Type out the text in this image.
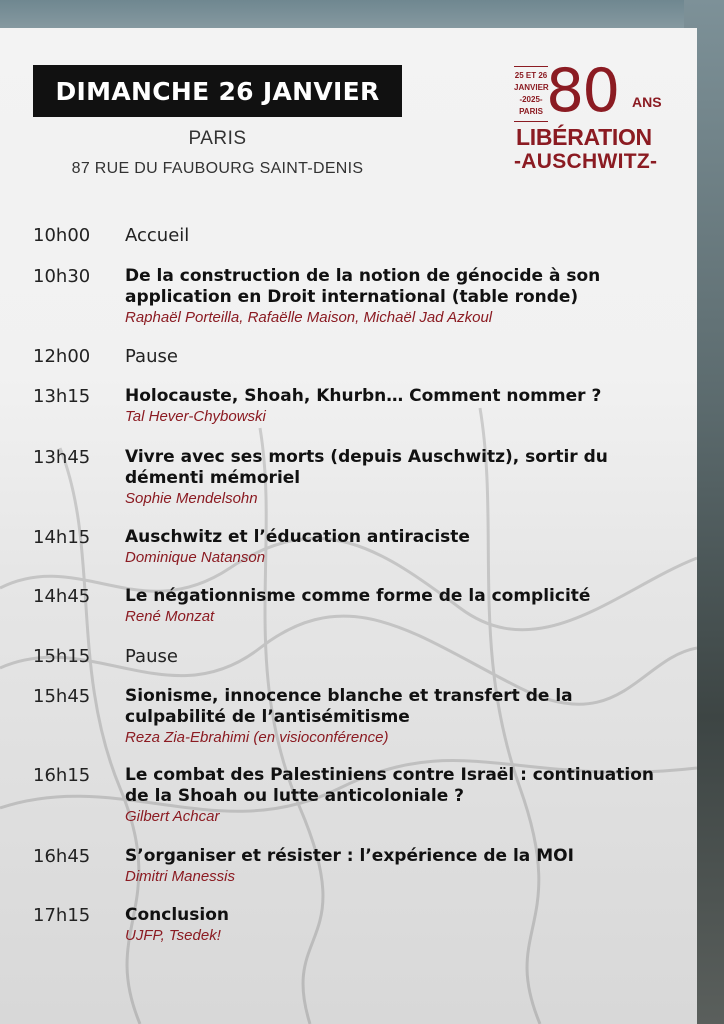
DIMANCHE 26 JANVIER
PARIS
87 RUE DU FAUBOURG SAINT-DENIS
25 ET 26
JANVIER
-2025-
PARIS 80 ANS
LIBÉRATION
-AUSCHWITZ-
10h00 Accueil
10h30 De la construction de la notion de génocide à son application en Droit international (table ronde)
Raphaël Porteilla, Rafaëlle Maison, Michaël Jad Azkoul
12h00 Pause
13h15 Holocauste, Shoah, Khurbn… Comment nommer ?
Tal Hever-Chybowski
13h45 Vivre avec ses morts (depuis Auschwitz), sortir du démenti mémoriel
Sophie Mendelsohn
14h15 Auschwitz et l’éducation antiraciste
Dominique Natanson
14h45 Le négationnisme comme forme de la complicité
René Monzat
15h15 Pause
15h45 Sionisme, innocence blanche et transfert de la culpabilité de l’antisémitisme
Reza Zia-Ebrahimi (en visioconférence)
16h15 Le combat des Palestiniens contre Israël : continuation de la Shoah ou lutte anticoloniale ?
Gilbert Achcar
16h45 S’organiser et résister : l’expérience de la MOI
Dimitri Manessis
17h15 Conclusion
UJFP, Tsedek!
